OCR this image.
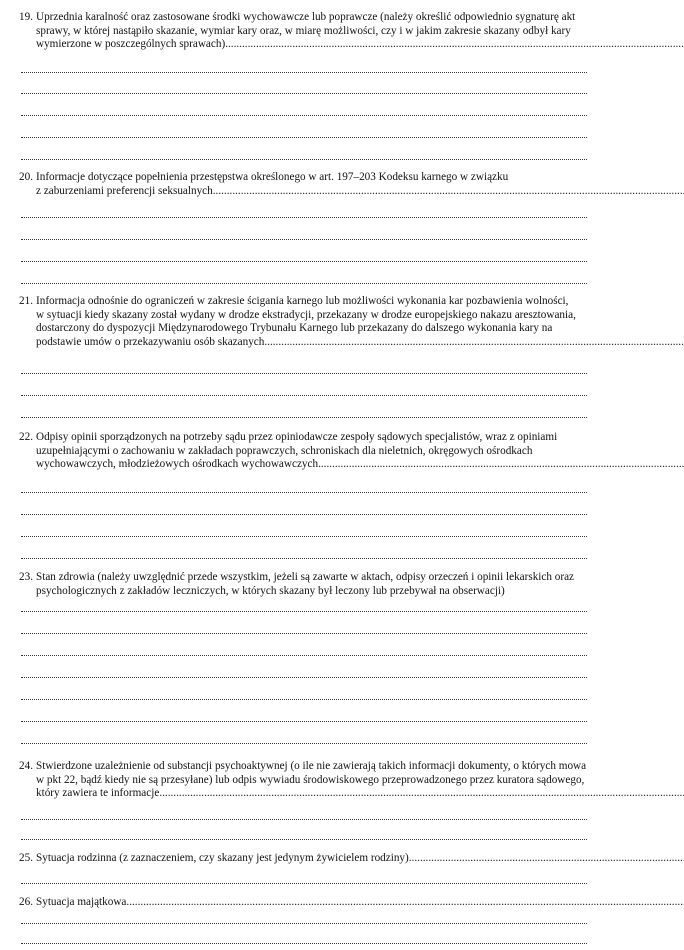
19. Uprzednia karalność oraz zastosowane środki wychowawcze lub poprawcze (należy określić odpowiednio sygnaturę akt
sprawy, w której nastąpiło skazanie, wymiar kary oraz, w miarę możliwości, czy i w jakim zakresie skazany odbył kary
wymierzone w poszczególnych sprawach)
.....
20. Informacje dotyczące popełnienia przestępstwa określonego w art. 197–203 Kodeksu karnego w związku
z zaburzeniami preferencji seksualnych
.....
21. Informacja odnośnie do ograniczeń w zakresie ścigania karnego lub możliwości wykonania kar pozbawienia wolności,
w sytuacji kiedy skazany został wydany w drodze ekstradycji, przekazany w drodze europejskiego nakazu aresztowania,
dostarczony do dyspozycji Międzynarodowego Trybunału Karnego lub przekazany do dalszego wykonania kary na
podstawie umów o przekazywaniu osób skazanych
.....
22. Odpisy opinii sporządzonych na potrzeby sądu przez opiniodawcze zespoły sądowych specjalistów, wraz z opiniami
uzupełniającymi o zachowaniu w zakładach poprawczych, schroniskach dla nieletnich, okręgowych ośrodkach
wychowawczych, młodzieżowych ośrodkach wychowawczych
.....
23. Stan zdrowia (należy uwzględnić przede wszystkim, jeżeli są zawarte w aktach, odpisy orzeczeń i opinii lekarskich oraz
psychologicznych z zakładów leczniczych, w których skazany był leczony lub przebywał na obserwacji)
24. Stwierdzone uzależnienie od substancji psychoaktywnej (o ile nie zawierają takich informacji dokumenty, o których mowa
w pkt 22, bądź kiedy nie są przesyłane) lub odpis wywiadu środowiskowego przeprowadzonego przez kuratora sądowego,
który zawiera te informacje
.....
25. Sytuacja rodzinna (z zaznaczeniem, czy skazany jest jedynym żywicielem rodziny)
.....
26. Sytuacja majątkowa
.....
